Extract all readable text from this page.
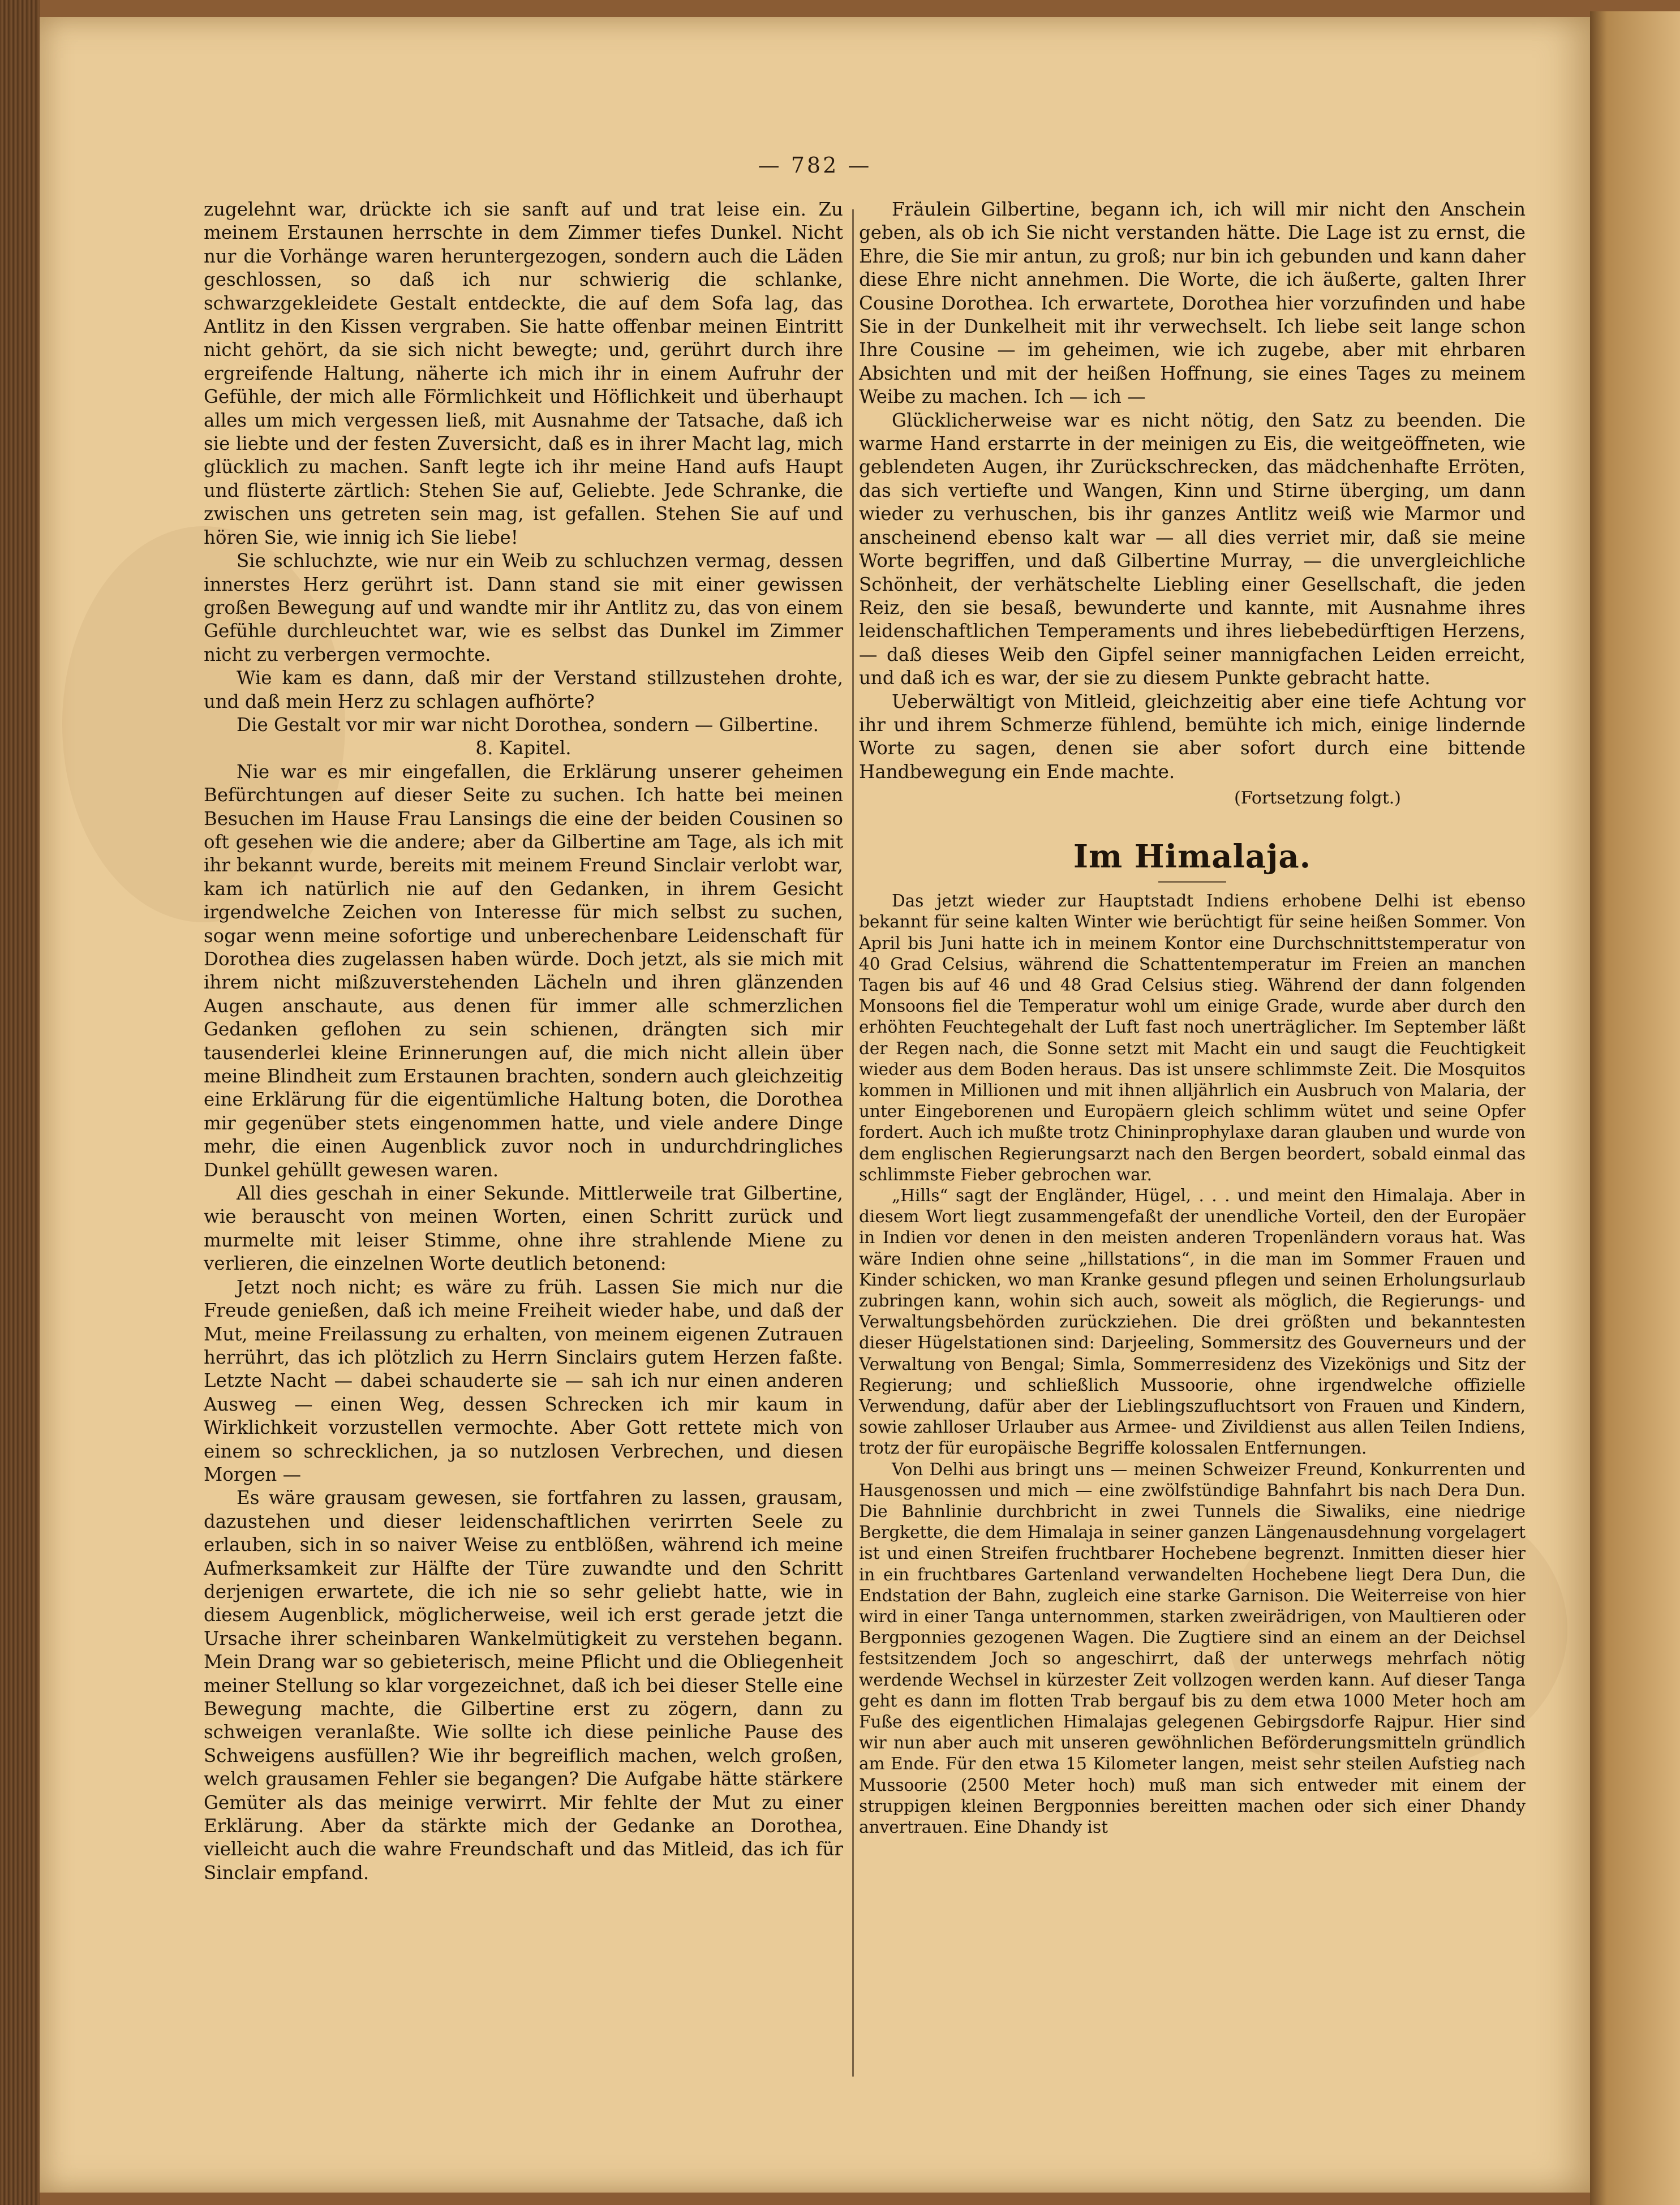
— 782 —

zugelehnt war, drückte ich sie sanft auf und trat leise ein. Zu meinem Erstaunen herrschte in dem Zimmer tiefes Dunkel. Nicht nur die Vorhänge waren heruntergezogen, sondern auch die Läden geschlossen, so daß ich nur schwierig die schlanke, schwarzgekleidete Gestalt entdeckte, die auf dem Sofa lag, das Antlitz in den Kissen vergraben. Sie hatte offenbar meinen Eintritt nicht gehört, da sie sich nicht bewegte; und, gerührt durch ihre ergreifende Haltung, näherte ich mich ihr in einem Aufruhr der Gefühle, der mich alle Förmlichkeit und Höflichkeit und überhaupt alles um mich vergessen ließ, mit Ausnahme der Tatsache, daß ich sie liebte und der festen Zuversicht, daß es in ihrer Macht lag, mich glücklich zu machen. Sanft legte ich ihr meine Hand aufs Haupt und flüsterte zärtlich: Stehen Sie auf, Geliebte. Jede Schranke, die zwischen uns getreten sein mag, ist gefallen. Stehen Sie auf und hören Sie, wie innig ich Sie liebe!

Sie schluchzte, wie nur ein Weib zu schluchzen vermag, dessen innerstes Herz gerührt ist. Dann stand sie mit einer gewissen großen Bewegung auf und wandte mir ihr Antlitz zu, das von einem Gefühle durchleuchtet war, wie es selbst das Dunkel im Zimmer nicht zu verbergen vermochte.

Wie kam es dann, daß mir der Verstand stillzustehen drohte, und daß mein Herz zu schlagen aufhörte?

Die Gestalt vor mir war nicht Dorothea, sondern — Gilbertine.

8. Kapitel.

Nie war es mir eingefallen, die Erklärung unserer geheimen Befürchtungen auf dieser Seite zu suchen. Ich hatte bei meinen Besuchen im Hause Frau Lansings die eine der beiden Cousinen so oft gesehen wie die andere; aber da Gilbertine am Tage, als ich mit ihr bekannt wurde, bereits mit meinem Freund Sinclair verlobt war, kam ich natürlich nie auf den Gedanken, in ihrem Gesicht irgendwelche Zeichen von Interesse für mich selbst zu suchen, sogar wenn meine sofortige und unberechenbare Leidenschaft für Dorothea dies zugelassen haben würde. Doch jetzt, als sie mich mit ihrem nicht mißzuverstehenden Lächeln und ihren glänzenden Augen anschaute, aus denen für immer alle schmerzlichen Gedanken geflohen zu sein schienen, drängten sich mir tausenderlei kleine Erinnerungen auf, die mich nicht allein über meine Blindheit zum Erstaunen brachten, sondern auch gleichzeitig eine Erklärung für die eigentümliche Haltung boten, die Dorothea mir gegenüber stets eingenommen hatte, und viele andere Dinge mehr, die einen Augenblick zuvor noch in undurchdringliches Dunkel gehüllt gewesen waren.

All dies geschah in einer Sekunde. Mittlerweile trat Gilbertine, wie berauscht von meinen Worten, einen Schritt zurück und murmelte mit leiser Stimme, ohne ihre strahlende Miene zu verlieren, die einzelnen Worte deutlich betonend:

Jetzt noch nicht; es wäre zu früh. Lassen Sie mich nur die Freude genießen, daß ich meine Freiheit wieder habe, und daß der Mut, meine Freilassung zu erhalten, von meinem eigenen Zutrauen herrührt, das ich plötzlich zu Herrn Sinclairs gutem Herzen faßte. Letzte Nacht — dabei schauderte sie — sah ich nur einen anderen Ausweg — einen Weg, dessen Schrecken ich mir kaum in Wirklichkeit vorzustellen vermochte. Aber Gott rettete mich von einem so schrecklichen, ja so nutzlosen Verbrechen, und diesen Morgen —

Es wäre grausam gewesen, sie fortfahren zu lassen, grausam, dazustehen und dieser leidenschaftlichen verirrten Seele zu erlauben, sich in so naiver Weise zu entblößen, während ich meine Aufmerksamkeit zur Hälfte der Türe zuwandte und den Schritt derjenigen erwartete, die ich nie so sehr geliebt hatte, wie in diesem Augenblick, möglicherweise, weil ich erst gerade jetzt die Ursache ihrer scheinbaren Wankelmütigkeit zu verstehen begann. Mein Drang war so gebieterisch, meine Pflicht und die Obliegenheit meiner Stellung so klar vorgezeichnet, daß ich bei dieser Stelle eine Bewegung machte, die Gilbertine erst zu zögern, dann zu schweigen veranlaßte. Wie sollte ich diese peinliche Pause des Schweigens ausfüllen? Wie ihr begreiflich machen, welch großen, welch grausamen Fehler sie begangen? Die Aufgabe hätte stärkere Gemüter als das meinige verwirrt. Mir fehlte der Mut zu einer Erklärung. Aber da stärkte mich der Gedanke an Dorothea, vielleicht auch die wahre Freundschaft und das Mitleid, das ich für Sinclair empfand.

Fräulein Gilbertine, begann ich, ich will mir nicht den Anschein geben, als ob ich Sie nicht verstanden hätte. Die Lage ist zu ernst, die Ehre, die Sie mir antun, zu groß; nur bin ich gebunden und kann daher diese Ehre nicht annehmen. Die Worte, die ich äußerte, galten Ihrer Cousine Dorothea. Ich erwartete, Dorothea hier vorzufinden und habe Sie in der Dunkelheit mit ihr verwechselt. Ich liebe seit lange schon Ihre Cousine — im geheimen, wie ich zugebe, aber mit ehrbaren Absichten und mit der heißen Hoffnung, sie eines Tages zu meinem Weibe zu machen. Ich — ich —

Glücklicherweise war es nicht nötig, den Satz zu beenden. Die warme Hand erstarrte in der meinigen zu Eis, die weitgeöffneten, wie geblendeten Augen, ihr Zurückschrecken, das mädchenhafte Erröten, das sich vertiefte und Wangen, Kinn und Stirne überging, um dann wieder zu verhuschen, bis ihr ganzes Antlitz weiß wie Marmor und anscheinend ebenso kalt war — all dies verriet mir, daß sie meine Worte begriffen, und daß Gilbertine Murray, — die unvergleichliche Schönheit, der verhätschelte Liebling einer Gesellschaft, die jeden Reiz, den sie besaß, bewunderte und kannte, mit Ausnahme ihres leidenschaftlichen Temperaments und ihres liebebedürftigen Herzens, — daß dieses Weib den Gipfel seiner mannigfachen Leiden erreicht, und daß ich es war, der sie zu diesem Punkte gebracht hatte.

Ueberwältigt von Mitleid, gleichzeitig aber eine tiefe Achtung vor ihr und ihrem Schmerze fühlend, bemühte ich mich, einige lindernde Worte zu sagen, denen sie aber sofort durch eine bittende Handbewegung ein Ende machte.

(Fortsetzung folgt.)

Im Himalaja.

Das jetzt wieder zur Hauptstadt Indiens erhobene Delhi ist ebenso bekannt für seine kalten Winter wie berüchtigt für seine heißen Sommer. Von April bis Juni hatte ich in meinem Kontor eine Durchschnittstemperatur von 40 Grad Celsius, während die Schattentemperatur im Freien an manchen Tagen bis auf 46 und 48 Grad Celsius stieg. Während der dann folgenden Monsoons fiel die Temperatur wohl um einige Grade, wurde aber durch den erhöhten Feuchtegehalt der Luft fast noch unerträglicher. Im September läßt der Regen nach, die Sonne setzt mit Macht ein und saugt die Feuchtigkeit wieder aus dem Boden heraus. Das ist unsere schlimmste Zeit. Die Mosquitos kommen in Millionen und mit ihnen alljährlich ein Ausbruch von Malaria, der unter Eingeborenen und Europäern gleich schlimm wütet und seine Opfer fordert. Auch ich mußte trotz Chininprophylaxe daran glauben und wurde von dem englischen Regierungsarzt nach den Bergen beordert, sobald einmal das schlimmste Fieber gebrochen war.

„Hills“ sagt der Engländer, Hügel, . . . und meint den Himalaja. Aber in diesem Wort liegt zusammengefaßt der unendliche Vorteil, den der Europäer in Indien vor denen in den meisten anderen Tropenländern voraus hat. Was wäre Indien ohne seine „hillstations“, in die man im Sommer Frauen und Kinder schicken, wo man Kranke gesund pflegen und seinen Erholungsurlaub zubringen kann, wohin sich auch, soweit als möglich, die Regierungs- und Verwaltungsbehörden zurückziehen. Die drei größten und bekanntesten dieser Hügelstationen sind: Darjeeling, Sommersitz des Gouverneurs und der Verwaltung von Bengal; Simla, Sommerresidenz des Vizekönigs und Sitz der Regierung; und schließlich Mussoorie, ohne irgendwelche offizielle Verwendung, dafür aber der Lieblingszufluchtsort von Frauen und Kindern, sowie zahlloser Urlauber aus Armee- und Zivildienst aus allen Teilen Indiens, trotz der für europäische Begriffe kolossalen Entfernungen.

Von Delhi aus bringt uns — meinen Schweizer Freund, Konkurrenten und Hausgenossen und mich — eine zwölfstündige Bahnfahrt bis nach Dera Dun. Die Bahnlinie durchbricht in zwei Tunnels die Siwaliks, eine niedrige Bergkette, die dem Himalaja in seiner ganzen Längenausdehnung vorgelagert ist und einen Streifen fruchtbarer Hochebene begrenzt. Inmitten dieser hier in ein fruchtbares Gartenland verwandelten Hochebene liegt Dera Dun, die Endstation der Bahn, zugleich eine starke Garnison. Die Weiterreise von hier wird in einer Tanga unternommen, starken zweirädrigen, von Maultieren oder Bergponnies gezogenen Wagen. Die Zugtiere sind an einem an der Deichsel festsitzendem Joch so angeschirrt, daß der unterwegs mehrfach nötig werdende Wechsel in kürzester Zeit vollzogen werden kann. Auf dieser Tanga geht es dann im flotten Trab bergauf bis zu dem etwa 1000 Meter hoch am Fuße des eigentlichen Himalajas gelegenen Gebirgsdorfe Rajpur. Hier sind wir nun aber auch mit unseren gewöhnlichen Beförderungsmitteln gründlich am Ende. Für den etwa 15 Kilometer langen, meist sehr steilen Aufstieg nach Mussoorie (2500 Meter hoch) muß man sich entweder mit einem der struppigen kleinen Bergponnies bereitten machen oder sich einer Dhandy anvertrauen. Eine Dhandy ist
